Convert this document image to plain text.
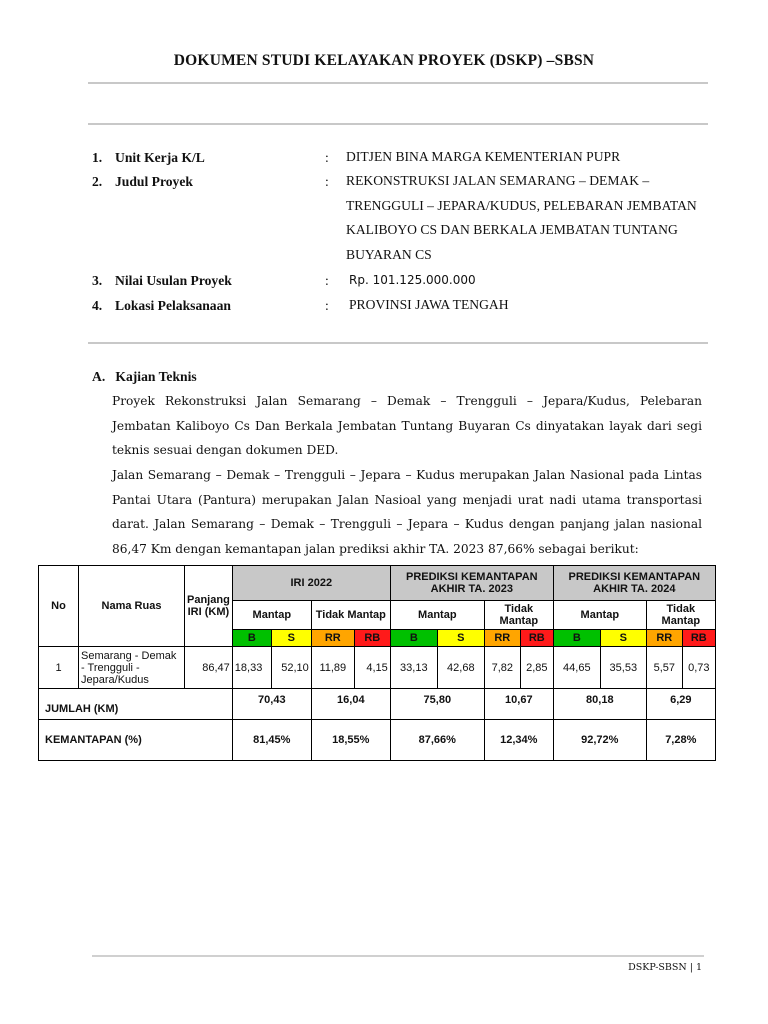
DOKUMEN STUDI KELAYAKAN PROYEK (DSKP) –SBSN
1. Unit Kerja K/L	: DITJEN BINA MARGA KEMENTERIAN PUPR
2. Judul Proyek	: REKONSTRUKSI JALAN SEMARANG – DEMAK – TRENGGULI – JEPARA/KUDUS, PELEBARAN JEMBATAN KALIBOYO CS DAN BERKALA JEMBATAN TUNTANG BUYARAN CS
3. Nilai Usulan Proyek	: Rp. 101.125.000.000
4. Lokasi Pelaksanaan	: PROVINSI JAWA TENGAH
A.   Kajian Teknis
Proyek Rekonstruksi Jalan Semarang – Demak – Trengguli – Jepara/Kudus, Pelebaran Jembatan Kaliboyo Cs Dan Berkala Jembatan Tuntang Buyaran Cs dinyatakan layak dari segi teknis sesuai dengan dokumen DED.
Jalan Semarang – Demak – Trengguli – Jepara – Kudus merupakan Jalan Nasional pada Lintas Pantai Utara (Pantura) merupakan Jalan Nasioal yang menjadi urat nadi utama transportasi darat. Jalan Semarang – Demak – Trengguli – Jepara – Kudus dengan panjang jalan nasional 86,47 Km dengan kemantapan jalan prediksi akhir TA. 2023 87,66% sebagai berikut:
No	Nama Ruas	Panjang IRI (KM)	IRI 2022				PREDIKSI KEMANTAPAN AKHIR TA. 2023				PREDIKSI KEMANTAPAN AKHIR TA. 2024			
			Mantap		Tidak Mantap		Mantap		Tidak Mantap		Mantap		Tidak Mantap	
			B	S	RR	RB	B	S	RR	RB	B	S	RR	RB
1	Semarang - Demak - Trengguli - Jepara/Kudus	86,47	18,33	52,10	11,89	4,15	33,13	42,68	7,82	2,85	44,65	35,53	5,57	0,73
JUMLAH (KM)			70,43		16,04		75,80		10,67		80,18		6,29	
KEMANTAPAN (%)			81,45%		18,55%		87,66%		12,34%		92,72%		7,28%	
DSKP-SBSN | 1
